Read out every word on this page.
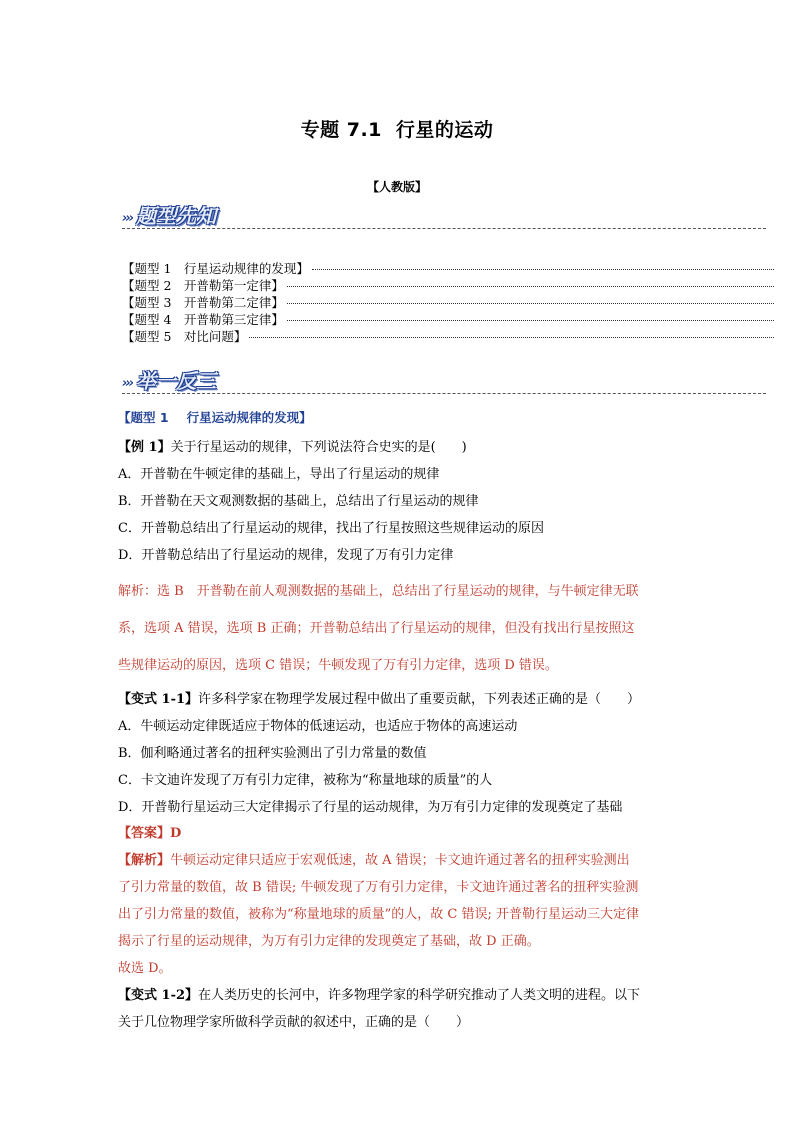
专题 7.1 行星的运动
【人教版】
››› 题型先知
【题型 1　行星运动规律的发现】
【题型 2　开普勒第一定律】
【题型 3　开普勒第二定律】
【题型 4　开普勒第三定律】
【题型 5　对比问题】
››› 举一反三
【题型 1 行星运动规律的发现】
【例 1】关于行星运动的规律，下列说法符合史实的是(　　)
A．开普勒在牛顿定律的基础上，导出了行星运动的规律
B．开普勒在天文观测数据的基础上，总结出了行星运动的规律
C．开普勒总结出了行星运动的规律，找出了行星按照这些规律运动的原因
D．开普勒总结出了行星运动的规律，发现了万有引力定律
解析：选 B　开普勒在前人观测数据的基础上，总结出了行星运动的规律，与牛顿定律无联
系，选项 A 错误，选项 B 正确；开普勒总结出了行星运动的规律，但没有找出行星按照这
些规律运动的原因，选项 C 错误；牛顿发现了万有引力定律，选项 D 错误。
【变式 1-1】许多科学家在物理学发展过程中做出了重要贡献，下列表述正确的是（　　）
A．牛顿运动定律既适应于物体的低速运动，也适应于物体的高速运动
B．伽利略通过著名的扭秤实验测出了引力常量的数值
C．卡文迪许发现了万有引力定律，被称为“称量地球的质量”的人
D．开普勒行星运动三大定律揭示了行星的运动规律，为万有引力定律的发现奠定了基础
【答案】D
【解析】牛顿运动定律只适应于宏观低速，故 A 错误；卡文迪许通过著名的扭秤实验测出
了引力常量的数值，故 B 错误; 牛顿发现了万有引力定律，卡文迪许通过著名的扭秤实验测
出了引力常量的数值，被称为“称量地球的质量”的人，故 C 错误; 开普勒行星运动三大定律
揭示了行星的运动规律，为万有引力定律的发现奠定了基础，故 D 正确。
故选 D。
【变式 1-2】在人类历史的长河中，许多物理学家的科学研究推动了人类文明的进程。以下
关于几位物理学家所做科学贡献的叙述中，正确的是（　　）
